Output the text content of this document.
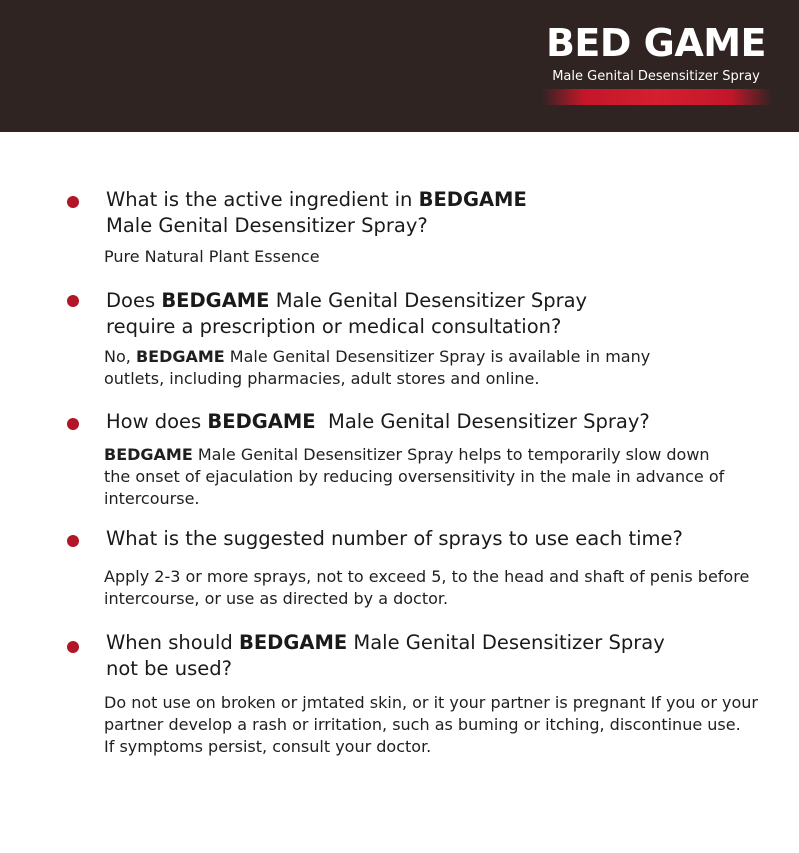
BED GAME
Male Genital Desensitizer Spray
What is the active ingredient in BEDGAME
Male Genital Desensitizer Spray?
Pure Natural Plant Essence
Does BEDGAME Male Genital Desensitizer Spray
require a prescription or medical consultation?
No, BEDGAME Male Genital Desensitizer Spray is available in many
outlets, including pharmacies, adult stores and online.
How does BEDGAME  Male Genital Desensitizer Spray?
BEDGAME Male Genital Desensitizer Spray helps to temporarily slow down
the onset of ejaculation by reducing oversensitivity in the male in advance of
intercourse.
What is the suggested number of sprays to use each time?
Apply 2-3 or more sprays, not to exceed 5, to the head and shaft of penis before
intercourse, or use as directed by a doctor.
When should BEDGAME Male Genital Desensitizer Spray
not be used?
Do not use on broken or jmtated skin, or it your partner is pregnant If you or your
partner develop a rash or irritation, such as buming or itching, discontinue use.
If symptoms persist, consult your doctor.
